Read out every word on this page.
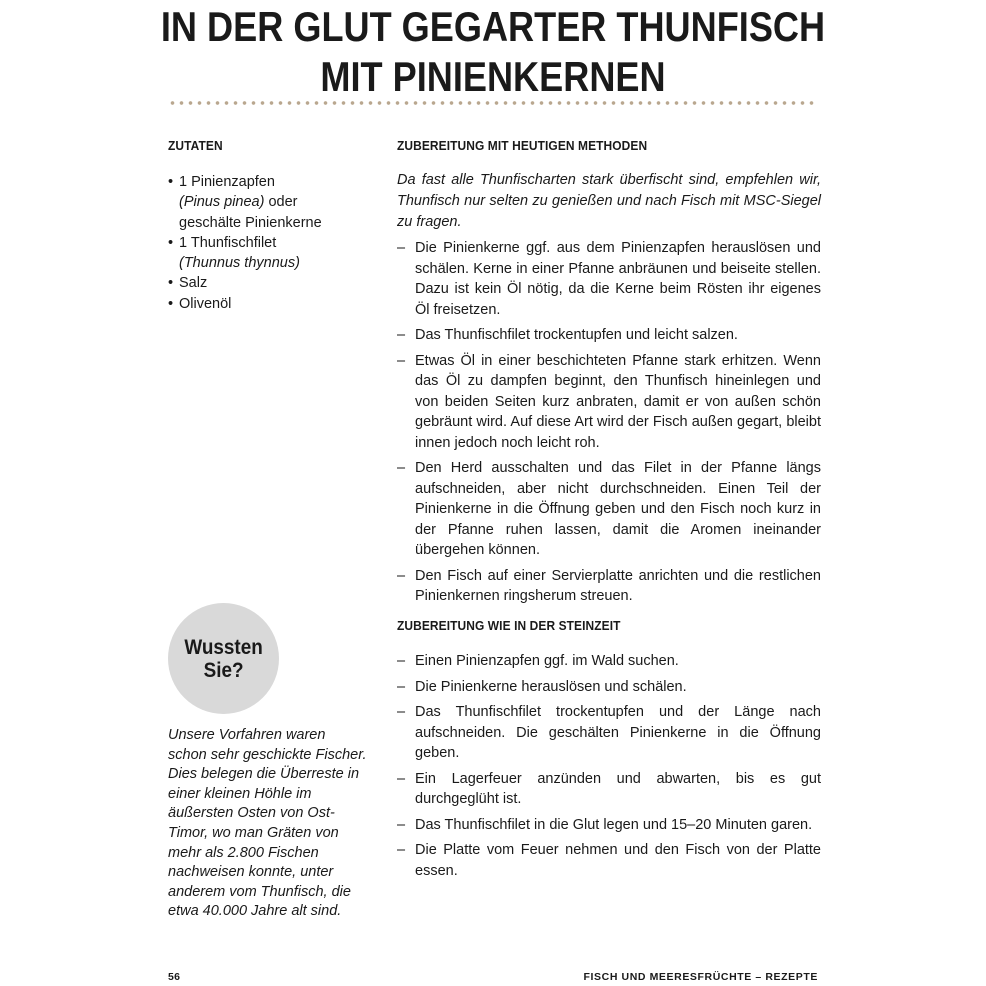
IN DER GLUT GEGARTER THUNFISCH
MIT PINIENKERNEN
ZUTATEN
• 1 Pinienzapfen
(Pinus pinea) oder
geschälte Pinienkerne
• 1 Thunfischfilet
(Thunnus thynnus)
• Salz
• Olivenöl
ZUBEREITUNG MIT HEUTIGEN METHODEN
Da fast alle Thunfischarten stark überfischt sind, empfehlen wir, Thunfisch nur selten zu genießen und nach Fisch mit MSC-Siegel zu fragen.
– Die Pinienkerne ggf. aus dem Pinienzapfen herauslösen und schälen. Kerne in einer Pfanne anbräunen und beiseite stellen. Dazu ist kein Öl nötig, da die Kerne beim Rösten ihr eigenes Öl freisetzen.
– Das Thunfischfilet trockentupfen und leicht salzen.
– Etwas Öl in einer beschichteten Pfanne stark erhitzen. Wenn das Öl zu dampfen beginnt, den Thunfisch hineinlegen und von beiden Seiten kurz anbraten, damit er von außen schön gebräunt wird. Auf diese Art wird der Fisch außen gegart, bleibt innen jedoch noch leicht roh.
– Den Herd ausschalten und das Filet in der Pfanne längs aufschneiden, aber nicht durchschneiden. Einen Teil der Pinienkerne in die Öffnung geben und den Fisch noch kurz in der Pfanne ruhen lassen, damit die Aromen ineinander übergehen können.
– Den Fisch auf einer Servierplatte anrichten und die restlichen Pinienkernen ringsherum streuen.
ZUBEREITUNG WIE IN DER STEINZEIT
– Einen Pinienzapfen ggf. im Wald suchen.
– Die Pinienkerne herauslösen und schälen.
– Das Thunfischfilet trockentupfen und der Länge nach aufschneiden. Die geschälten Pinienkerne in die Öffnung geben.
– Ein Lagerfeuer anzünden und abwarten, bis es gut durchgeglüht ist.
– Das Thunfischfilet in die Glut legen und 15–20 Minuten garen.
– Die Platte vom Feuer nehmen und den Fisch von der Platte essen.
Wussten
Sie?
Unsere Vorfahren waren schon sehr geschickte Fischer. Dies belegen die Überreste in einer kleinen Höhle im äußersten Osten von Ost-Timor, wo man Gräten von mehr als 2.800 Fischen nachweisen konnte, unter anderem vom Thunfisch, die etwa 40.000 Jahre alt sind.
56	FISCH UND MEERESFRÜCHTE – REZEPTE
